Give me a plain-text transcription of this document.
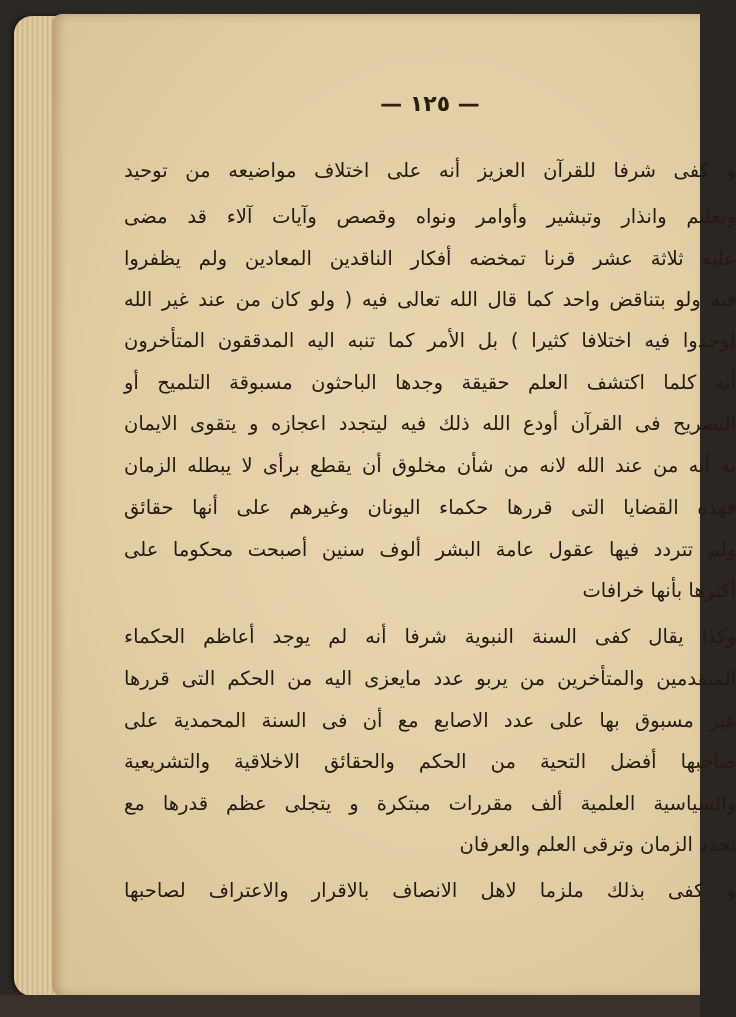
— ١٢٥ —
و كفى شرفا للقرآن العزيز أنه على اختلاف مواضيعه من توحيد
وتعليم وانذار وتبشير وأوامر ونواه وقصص وآيات آلاء قد مضى
عليه ثلاثة عشر قرنا تمخضه أفكار الناقدين المعادين ولم يظفروا
فيه ولو بتناقض واحد كما قال الله تعالى فيه ( ولو كان من عند غير الله
لوجدوا فيه اختلافا كثيرا ) بل الأمر كما تنبه اليه المدققون المتأخرون
أنه كلما اكتشف العلم حقيقة وجدها الباحثون مسبوقة التلميح أو
التصريح فى القرآن أودع الله ذلك فيه ليتجدد اعجازه و يتقوى الايمان
به أنه من عند الله لانه من شأن مخلوق أن يقطع برأى لا يبطله الزمان
فهذه القضايا التى قررها حكماء اليونان وغيرهم على أنها حقائق
ولم تتردد فيها عقول عامة البشر ألوف سنين أصبحت محكوما على
أكثرها بأنها خرافات
وكذا يقال كفى السنة النبوية شرفا أنه لم يوجد أعاظم الحكماء
المتقدمين والمتأخرين من يربو عدد مايعزى اليه من الحكم التى قررها
غير مسبوق بها على عدد الاصابع مع أن فى السنة المحمدية على
صاحبها أفضل التحية من الحكم والحقائق الاخلاقية والتشريعية
والسياسية العلمية ألف مقررات مبتكرة و يتجلى عظم قدرها مع
تجدد الزمان وترقى العلم والعرفان
و كفى بذلك ملزما لاهل الانصاف بالاقرار والاعتراف لصاحبها
